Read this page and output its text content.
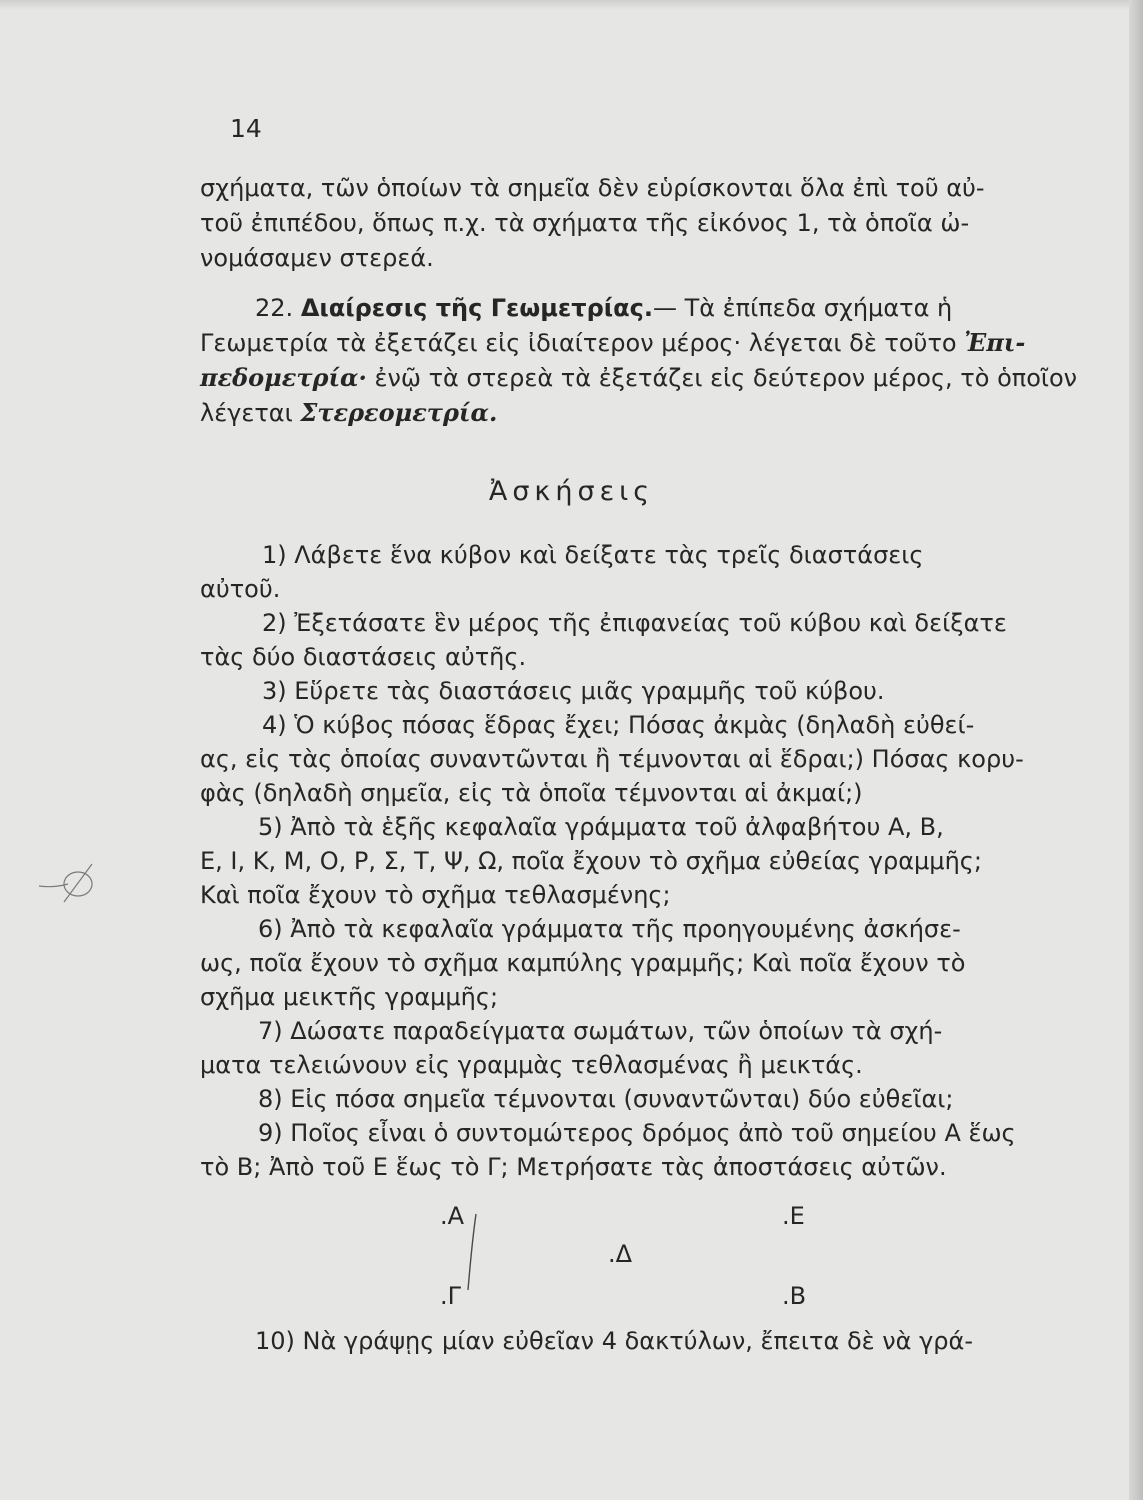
14
σχήματα, τῶν ὁποίων τὰ σημεῖα δὲν εὑρίσκονται ὅλα ἐπὶ τοῦ αὐ-
τοῦ ἐπιπέδου, ὅπως π.χ. τὰ σχήματα τῆς εἰκόνος 1, τὰ ὁποῖα ὠ-
νομάσαμεν στερεά.
22. Διαίρεσις τῆς Γεωμετρίας.— Τὰ ἐπίπεδα σχήματα ἡ
Γεωμετρία τὰ ἐξετάζει εἰς ἰδιαίτερον μέρος· λέγεται δὲ τοῦτο Ἐπι-
πεδομετρία· ἐνῷ τὰ στερεὰ τὰ ἐξετάζει εἰς δεύτερον μέρος, τὸ ὁποῖον
λέγεται Στερεομετρία.
Ἀσκήσεις
1) Λάβετε ἕνα κύβον καὶ δείξατε τὰς τρεῖς διαστάσεις
αὐτοῦ.
2) Ἐξετάσατε ἓν μέρος τῆς ἐπιφανείας τοῦ κύβου καὶ δείξατε
τὰς δύο διαστάσεις αὐτῆς.
3) Εὕρετε τὰς διαστάσεις μιᾶς γραμμῆς τοῦ κύβου.
4) Ὁ κύβος πόσας ἕδρας ἔχει; Πόσας ἀκμὰς (δηλαδὴ εὐθεί-
ας, εἰς τὰς ὁποίας συναντῶνται ἢ τέμνονται αἱ ἕδραι;) Πόσας κορυ-
φὰς (δηλαδὴ σημεῖα, εἰς τὰ ὁποῖα τέμνονται αἱ ἀκμαί;)
5) Ἀπὸ τὰ ἑξῆς κεφαλαῖα γράμματα τοῦ ἀλφαβήτου Α, Β,
Ε, Ι, Κ, Μ, Ο, Ρ, Σ, Τ, Ψ, Ω, ποῖα ἔχουν τὸ σχῆμα εὐθείας γραμμῆς;
Καὶ ποῖα ἔχουν τὸ σχῆμα τεθλασμένης;
6) Ἀπὸ τὰ κεφαλαῖα γράμματα τῆς προηγουμένης ἀσκήσε-
ως, ποῖα ἔχουν τὸ σχῆμα καμπύλης γραμμῆς; Καὶ ποῖα ἔχουν τὸ
σχῆμα μεικτῆς γραμμῆς;
7) Δώσατε παραδείγματα σωμάτων, τῶν ὁποίων τὰ σχή-
ματα τελειώνουν εἰς γραμμὰς τεθλασμένας ἢ μεικτάς.
8) Εἰς πόσα σημεῖα τέμνονται (συναντῶνται) δύο εὐθεῖαι;
9) Ποῖος εἶναι ὁ συντομώτερος δρόμος ἀπὸ τοῦ σημείου Α ἕως
τὸ Β; Ἀπὸ τοῦ Ε ἕως τὸ Γ; Μετρήσατε τὰς ἀποστάσεις αὐτῶν.
.Α	.Ε
.Δ
.Γ	.Β
10) Νὰ γράψῃς μίαν εὐθεῖαν 4 δακτύλων, ἔπειτα δὲ νὰ γρά-
